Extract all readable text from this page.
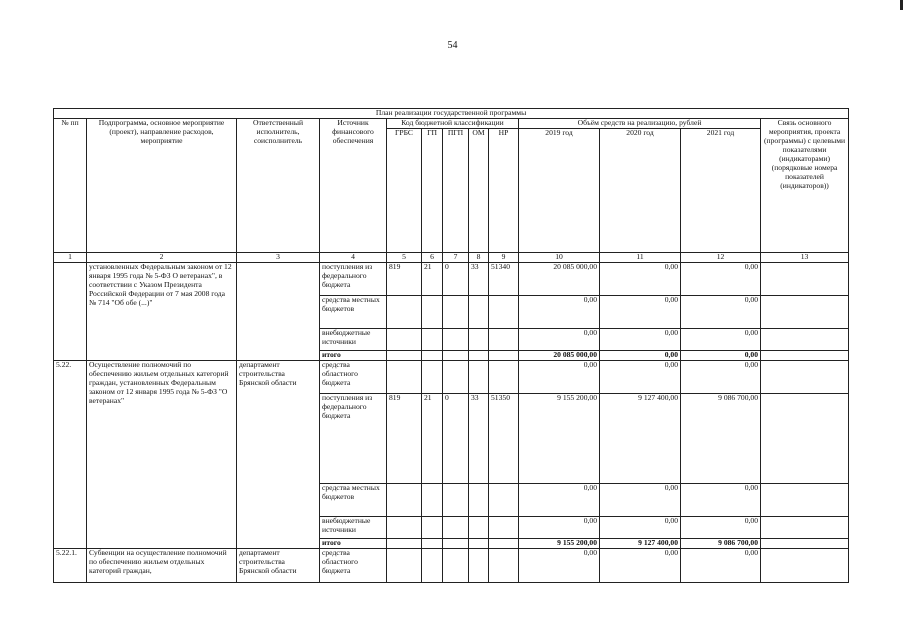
54
План реализации государственной программы												
№ пп	Подпрограмма, основное мероприятие (проект), направление расходов, мероприятие	Ответственный исполнитель, соисполнитель	Источник финансового обеспечения	Код бюджетной классификации					Объём средств на реализацию, рублей			Связь основного мероприятия, проекта (программы) с целевыми показателями (индикаторами) (порядковые номера показателей (индикаторов))
				ГРБС	ГП	ПГП	ОМ	НР	2019 год	2020 год	2021 год	
1	2	3	4	5	6	7	8	9	10	11	12	13
	установленных Федеральным законом от 12 января 1995 года № 5-ФЗ О ветеранах", в соответствии с Указом Президента Российской Федерации от 7 мая 2008 года № 714 "Об обе (...)"		поступления из федерального бюджета	819	21	0	33	51340	20 085 000,00	0,00	0,00	
			средства местных бюджетов						0,00	0,00	0,00	
			внебюджетные источники						0,00	0,00	0,00	
			итого						20 085 000,00	0,00	0,00	
5.22.	Осуществление полномочий по обеспечению жильем отдельных категорий граждан, установленных Федеральным законом от 12 января 1995 года № 5-ФЗ "О ветеранах"	департамент строительства Брянской области	средства областного бюджета						0,00	0,00	0,00	
			поступления из федерального бюджета	819	21	0	33	51350	9 155 200,00	9 127 400,00	9 086 700,00	
			средства местных бюджетов						0,00	0,00	0,00	
			внебюджетные источники						0,00	0,00	0,00	
			итого						9 155 200,00	9 127 400,00	9 086 700,00	
5.22.1.	Субвенции на осуществление полномочий по обеспечению жильем отдельных категорий граждан,	департамент строительства Брянской области	средства областного бюджета						0,00	0,00	0,00	
